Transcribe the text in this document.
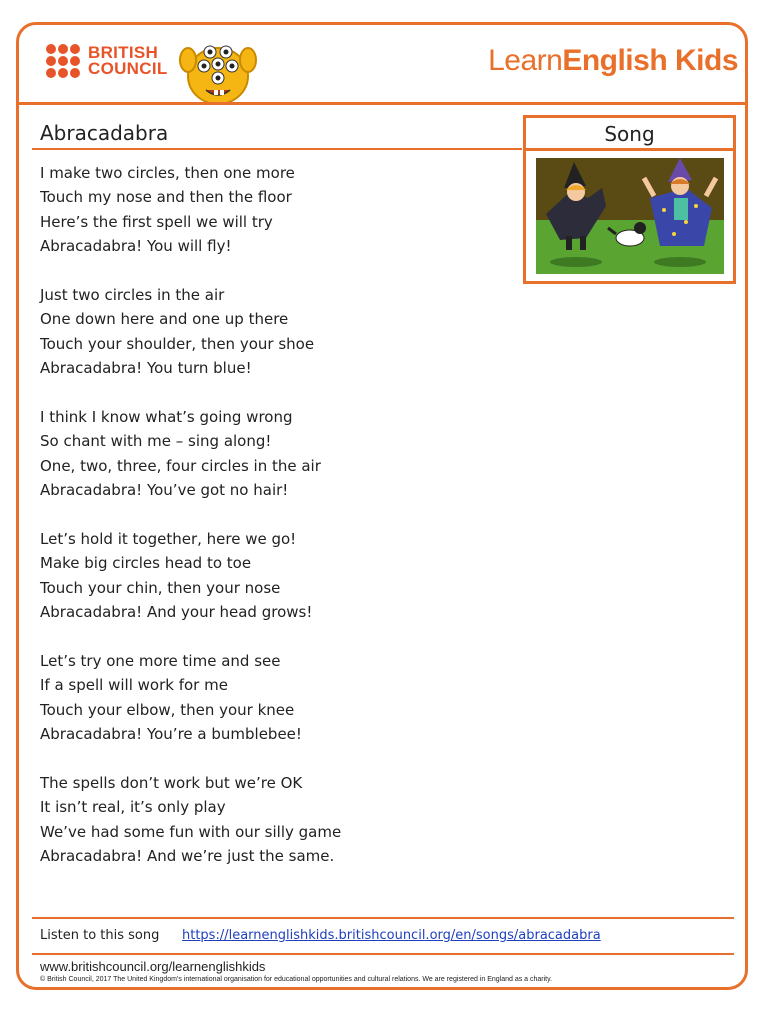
BRITISH
COUNCIL	LearnEnglish Kids
Abracadabra	Song
I make two circles, then one more
Touch my nose and then the floor
Here’s the first spell we will try
Abracadabra! You will fly!
Just two circles in the air
One down here and one up there
Touch your shoulder, then your shoe
Abracadabra! You turn blue!
I think I know what’s going wrong
So chant with me – sing along!
One, two, three, four circles in the air
Abracadabra! You’ve got no hair!
Let’s hold it together, here we go!
Make big circles head to toe
Touch your chin, then your nose
Abracadabra! And your head grows!
Let’s try one more time and see
If a spell will work for me
Touch your elbow, then your knee
Abracadabra! You’re a bumblebee!
The spells don’t work but we’re OK
It isn’t real, it’s only play
We’ve had some fun with our silly game
Abracadabra! And we’re just the same.
Listen to this song https://learnenglishkids.britishcouncil.org/en/songs/abracadabra
www.britishcouncil.org/learnenglishkids
© British Council, 2017 The United Kingdom’s international organisation for educational opportunities and cultural relations. We are registered in England as a charity.
